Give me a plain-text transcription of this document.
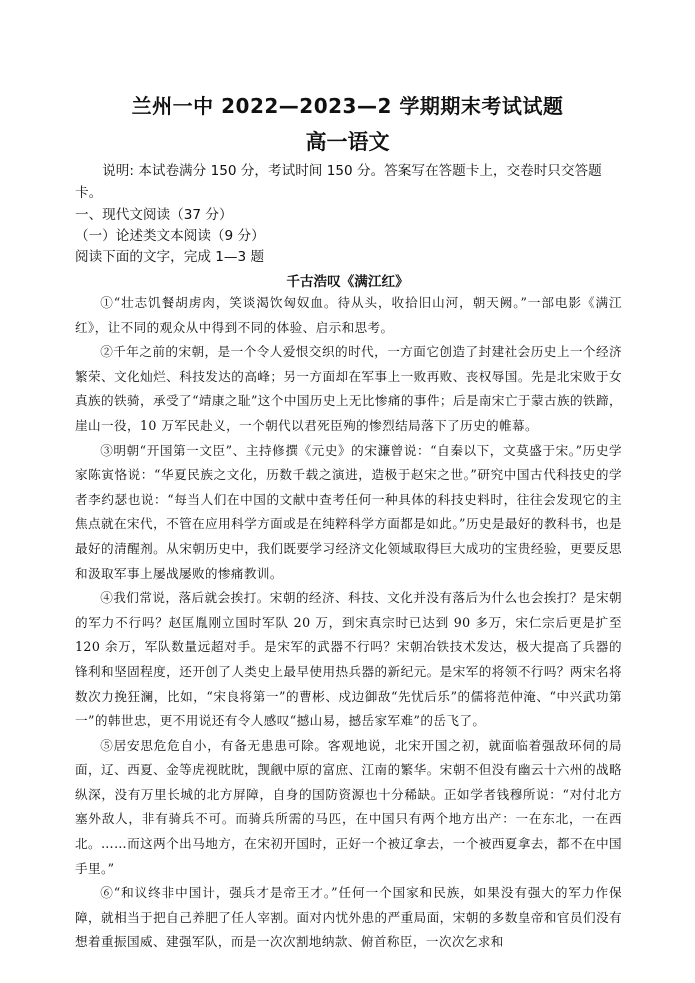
兰州一中 2022—2023—2 学期期末考试试题
高一语文
说明: 本试卷满分 150 分，考试时间 150 分。答案写在答题卡上，交卷时只交答题卡。
一、现代文阅读（37 分）
（一）论述类文本阅读（9 分）
阅读下面的文字，完成 1—3 题
千古浩叹《满江红》

①“壮志饥餐胡虏肉，笑谈渴饮匈奴血。待从头，收拾旧山河，朝天阙。”一部电影《满江红》，让不同的观众从中得到不同的体验、启示和思考。

②千年之前的宋朝，是一个令人爱恨交织的时代，一方面它创造了封建社会历史上一个经济繁荣、文化灿烂、科技发达的高峰；另一方面却在军事上一败再败、丧权辱国。先是北宋败于女真族的铁骑，承受了“靖康之耻”这个中国历史上无比惨痛的事件；后是南宋亡于蒙古族的铁蹄，崖山一役，10 万军民赴义，一个朝代以君死臣殉的惨烈结局落下了历史的帷幕。

③明朝“开国第一文臣”、主持修撰《元史》的宋濂曾说：“自秦以下，文莫盛于宋。”历史学家陈寅恪说：“华夏民族之文化，历数千载之演进，造极于赵宋之世。”研究中国古代科技史的学者李约瑟也说：“每当人们在中国的文献中查考任何一种具体的科技史料时，往往会发现它的主焦点就在宋代，不管在应用科学方面或是在纯粹科学方面都是如此。”历史是最好的教科书，也是最好的清醒剂。从宋朝历史中，我们既要学习经济文化领域取得巨大成功的宝贵经验，更要反思和汲取军事上屡战屡败的惨痛教训。

④我们常说，落后就会挨打。宋朝的经济、科技、文化并没有落后为什么也会挨打？是宋朝的军力不行吗？赵匡胤刚立国时军队 20 万，到宋真宗时已达到 90 多万，宋仁宗后更是扩至 120 余万，军队数量远超对手。是宋军的武器不行吗？宋朝冶铁技术发达，极大提高了兵器的锋利和坚固程度，还开创了人类史上最早使用热兵器的新纪元。是宋军的将领不行吗？两宋名将数次力挽狂澜，比如，“宋良将第一”的曹彬、戍边御敌“先忧后乐”的儒将范仲淹、“中兴武功第一”的韩世忠，更不用说还有令人感叹“撼山易，撼岳家军难”的岳飞了。

⑤居安思危危自小，有备无患患可除。客观地说，北宋开国之初，就面临着强敌环伺的局面，辽、西夏、金等虎视眈眈，觊觎中原的富庶、江南的繁华。宋朝不但没有幽云十六州的战略纵深，没有万里长城的北方屏障，自身的国防资源也十分稀缺。正如学者钱穆所说：“对付北方塞外敌人，非有骑兵不可。而骑兵所需的马匹，在中国只有两个地方出产：一在东北，一在西北。……而这两个出马地方，在宋初开国时，正好一个被辽拿去，一个被西夏拿去，都不在中国手里。”

⑥“和议终非中国计，强兵才是帝王才。”任何一个国家和民族，如果没有强大的军力作保障，就相当于把自己养肥了任人宰割。面对内忧外患的严重局面，宋朝的多数皇帝和官员们没有想着重振国威、建强军队，而是一次次割地纳款、俯首称臣，一次次乞求和
